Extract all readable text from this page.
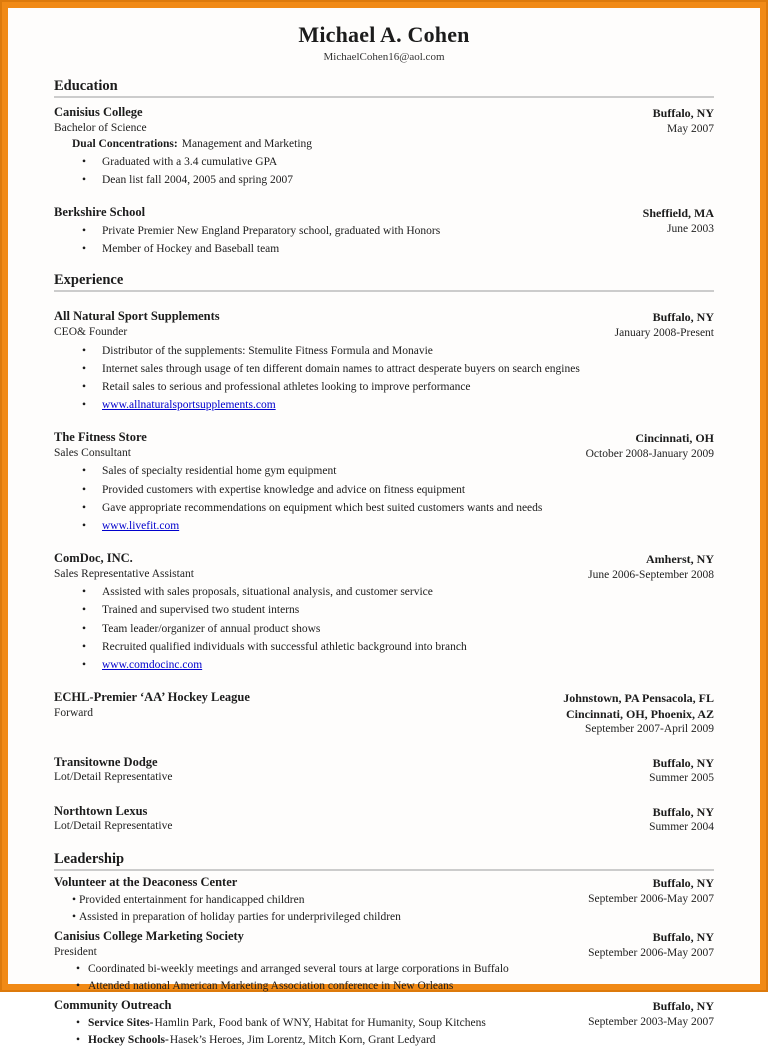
Michael A. Cohen
MichaelCohen16@aol.com
Education
Canisius College
Bachelor of Science
Dual Concentrations: Management and Marketing
• Graduated with a 3.4 cumulative GPA
• Dean list fall 2004, 2005 and spring 2007
Buffalo, NY
May 2007
Berkshire School
• Private Premier New England Preparatory school, graduated with Honors
• Member of Hockey and Baseball team
Sheffield, MA
June 2003
Experience
All Natural Sport Supplements
CEO& Founder
• Distributor of the supplements: Stemulite Fitness Formula and Monavie
• Internet sales through usage of ten different domain names to attract desperate buyers on search engines
• Retail sales to serious and professional athletes looking to improve performance
• www.allnaturalsportsupplements.com
Buffalo, NY
January 2008-Present
The Fitness Store
Sales Consultant
• Sales of specialty residential home gym equipment
• Provided customers with expertise knowledge and advice on fitness equipment
• Gave appropriate recommendations on equipment which best suited customers wants and needs
• www.livefit.com
Cincinnati, OH
October 2008-January 2009
ComDoc, INC.
Sales Representative Assistant
• Assisted with sales proposals, situational analysis, and customer service
• Trained and supervised two student interns
• Team leader/organizer of annual product shows
• Recruited qualified individuals with successful athletic background into branch
• www.comdocinc.com
Amherst, NY
June 2006-September 2008
ECHL-Premier ‘AA’ Hockey League
Forward
Johnstown, PA Pensacola, FL
Cincinnati, OH, Phoenix, AZ
September 2007-April 2009
Transitowne Dodge
Lot/Detail Representative
Buffalo, NY
Summer 2005
Northtown Lexus
Lot/Detail Representative
Buffalo, NY
Summer 2004
Leadership
Volunteer at the Deaconess Center
• Provided entertainment for handicapped children
• Assisted in preparation of holiday parties for underprivileged children
Buffalo, NY
September 2006-May 2007
Canisius College Marketing Society
President
• Coordinated bi-weekly meetings and arranged several tours at large corporations in Buffalo
• Attended national American Marketing Association conference in New Orleans
Buffalo, NY
September 2006-May 2007
Community Outreach
• Service Sites-Hamlin Park, Food bank of WNY, Habitat for Humanity, Soup Kitchens
• Hockey Schools-Hasek’s Heroes, Jim Lorentz, Mitch Korn, Grant Ledyard
Buffalo, NY
September 2003-May 2007
